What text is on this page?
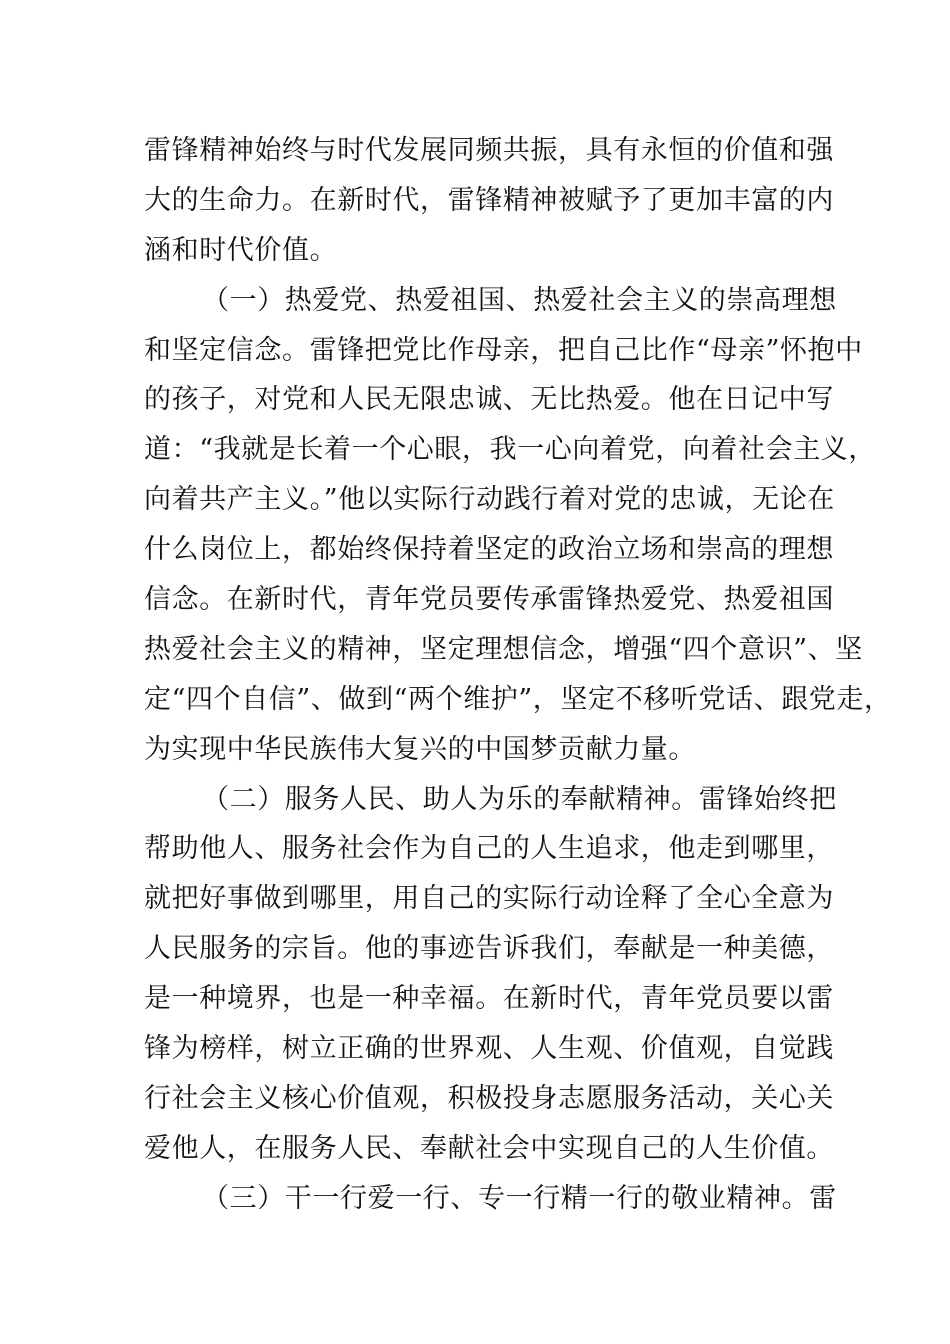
雷锋精神始终与时代发展同频共振，具有永恒的价值和强
大的生命力。在新时代，雷锋精神被赋予了更加丰富的内
涵和时代价值。
（一）热爱党、热爱祖国、热爱社会主义的崇高理想
和坚定信念。雷锋把党比作母亲，把自己比作“母亲”怀抱中
的孩子，对党和人民无限忠诚、无比热爱。他在日记中写
道：“我就是长着一个心眼，我一心向着党，向着社会主义，
向着共产主义。”他以实际行动践行着对党的忠诚，无论在
什么岗位上，都始终保持着坚定的政治立场和崇高的理想
信念。在新时代，青年党员要传承雷锋热爱党、热爱祖国
热爱社会主义的精神，坚定理想信念，增强“四个意识”、坚
定“四个自信”、做到“两个维护”，坚定不移听党话、跟党走，
为实现中华民族伟大复兴的中国梦贡献力量。
（二）服务人民、助人为乐的奉献精神。雷锋始终把
帮助他人、服务社会作为自己的人生追求，他走到哪里，
就把好事做到哪里，用自己的实际行动诠释了全心全意为
人民服务的宗旨。他的事迹告诉我们，奉献是一种美德，
是一种境界，也是一种幸福。在新时代，青年党员要以雷
锋为榜样，树立正确的世界观、人生观、价值观，自觉践
行社会主义核心价值观，积极投身志愿服务活动，关心关
爱他人，在服务人民、奉献社会中实现自己的人生价值。
（三）干一行爱一行、专一行精一行的敬业精神。雷
